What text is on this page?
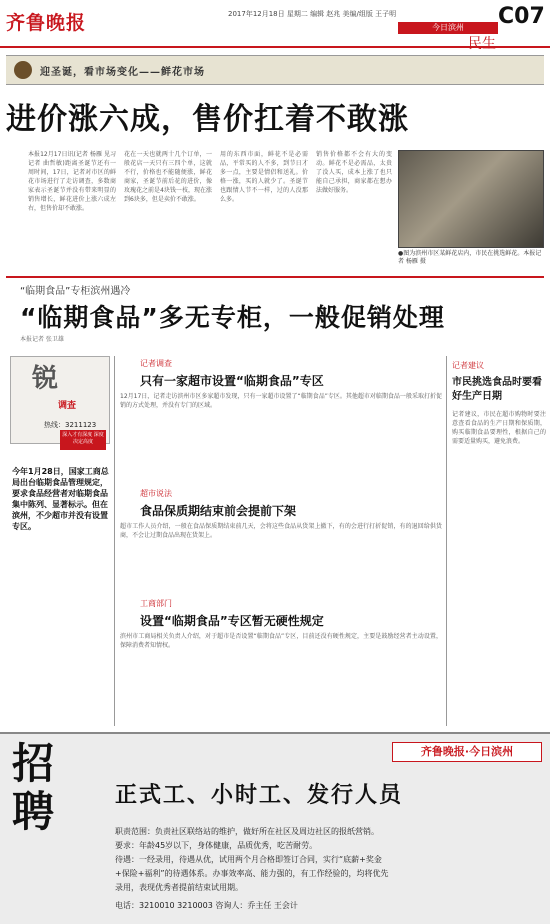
齐鲁晚报	2017年12月18日 星期二 编辑 赵兆 美编/组版 王子明	C07
今日滨州
民生
迎圣诞，看市场变化——鲜花市场
进价涨六成，售价扛着不敢涨
本报12月17日讯(记者 杨雁 见习记者 曲哲敏)距离圣诞节还有一周时间，17日，记者对市区的鲜花市场进行了走访调查，多数商家表示圣诞节并没有带来明显的销售增长，鲜花进价上涨六成左右，但售价却不敢涨。
花在一天也就两十几个订单，一般花店一天只有三四个单，这就不行，价格也不能随便涨，鲜花商家，圣诞节前后花的进价，像玫瑰花之前是4块钱一枝，现在涨到6块多，但是卖价不敢涨。
用的东西市面，鲜花不是必需品，平常买的人不多，到节日才多一点，主要是情侣和送礼。价格一涨，买的人就少了。圣诞节也跟情人节不一样，过的人没那么多。
销售价格都不会有大的变动。鲜花不是必需品，太贵了没人买，成本上涨了也只能自己承担，商家都在想办法做好服务。
●图为滨州市区某鲜花店内，市民在挑选鲜花。本报记者 杨雁 摄
“临期食品”专柜滨州遇冷
“临期食品”多无专柜，一般促销处理
本报记者 张卫雄
锐
调查
热线：3211123
深入才有深度 深度决定高度
今年1月28日，国家工商总局出台临期食品管理规定，要求食品经营者对临期食品集中陈列、显著标示。但在滨州，不少超市并没有设置专区。
记者调查
只有一家超市设置“临期食品”专区
12月17日，记者走访滨州市区多家超市发现，只有一家超市设置了“临期食品”专区。其他超市对临期食品一般采取打折促销的方式处理，并没有专门的区域。
超市说法
食品保质期结束前会提前下架
超市工作人员介绍，一般在食品保质期结束前几天，会将这些食品从货架上撤下，有的会进行打折促销，有的退回给供货商，不会让过期食品出现在货架上。
工商部门
设置“临期食品”专区暂无硬性规定
滨州市工商局相关负责人介绍，对于超市是否设置“临期食品”专区，目前还没有硬性规定，主要是鼓励经营者主动设置，保障消费者知情权。
记者建议
市民挑选食品时要看好生产日期
记者建议，市民在超市购物时要注意查看食品的生产日期和保质期，购买临期食品要理性，根据自己的需要适量购买，避免浪费。
招聘
齐鲁晚报·今日滨州
正式工、小时工、发行人员
职责范围：负责社区联络站的维护，做好所在社区及周边社区的报纸营销。
要求：年龄45岁以下，身体健康，品质优秀，吃苦耐劳。
待遇：一经录用，待遇从优，试用两个月合格即签订合同，实行“底薪+奖金
+保险+福利”的待遇体系。办事效率高、能力强的，有工作经验的，均将优先
录用，表现优秀者提前结束试用期。
电话：3210010 3210003 咨询人：乔主任 王会计
